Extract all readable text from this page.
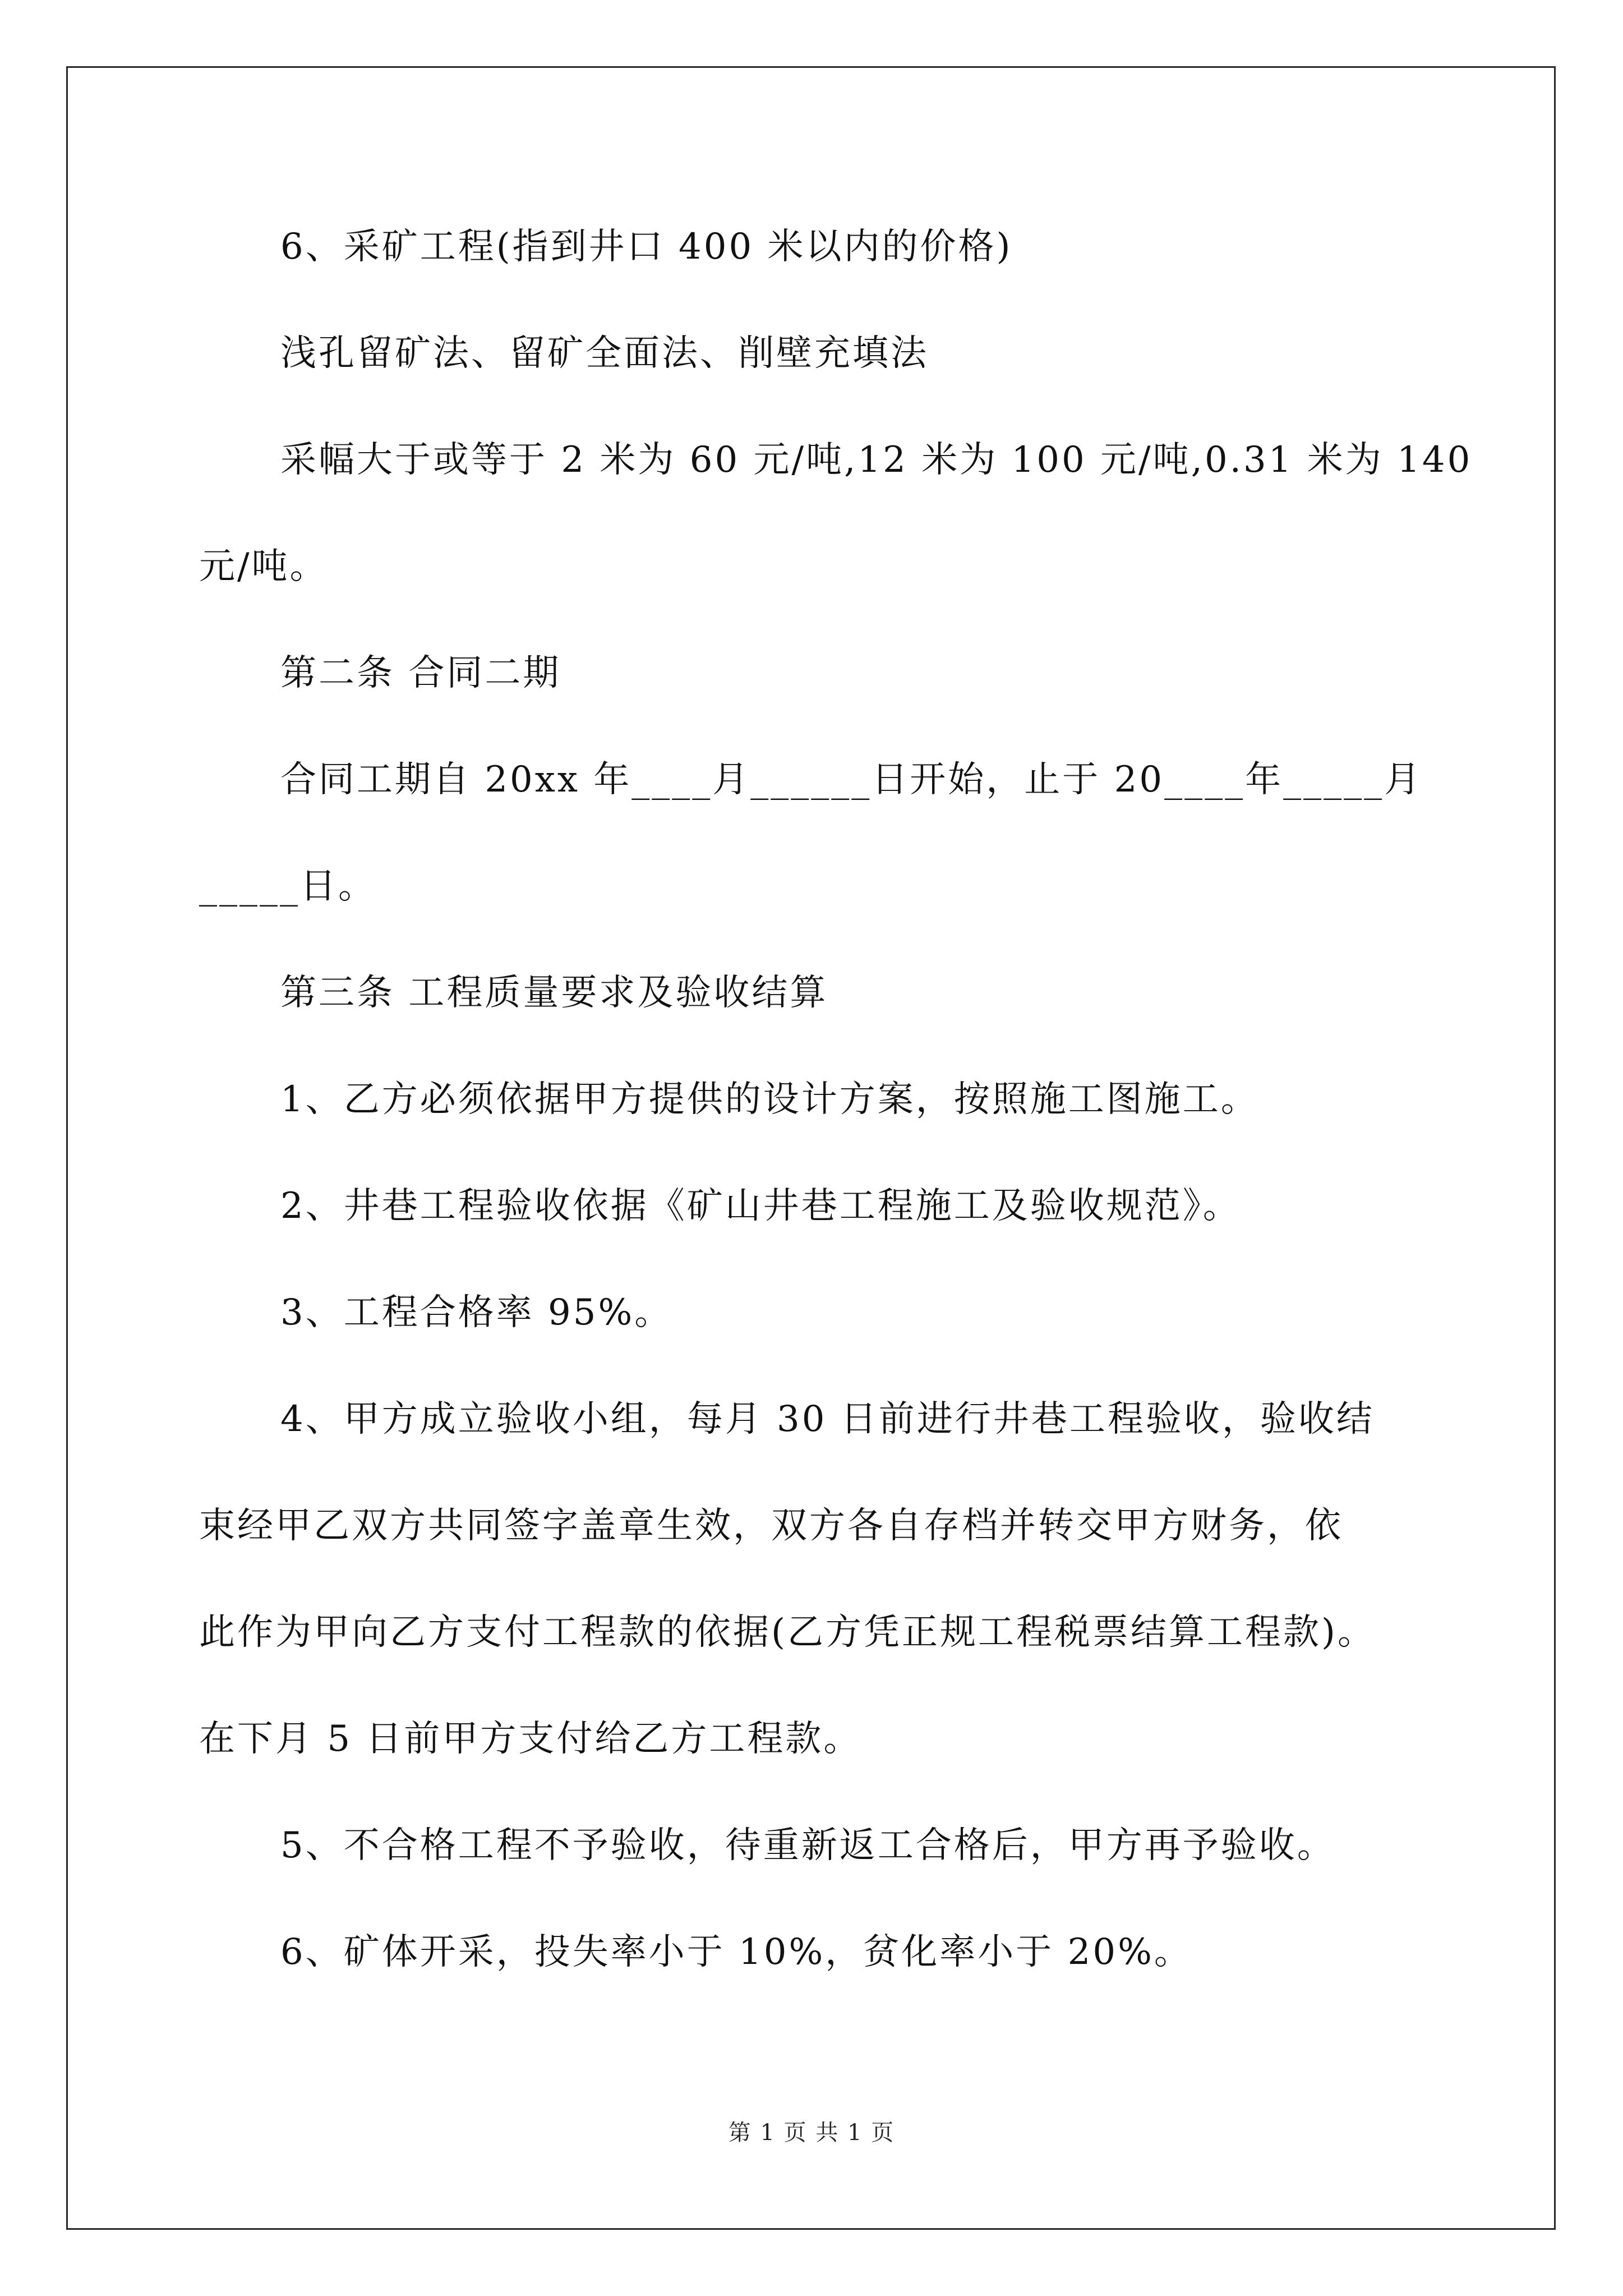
6、采矿工程(指到井口 400 米以内的价格)
浅孔留矿法、留矿全面法、削壁充填法
采幅大于或等于 2 米为 60 元/吨,12 米为 100 元/吨,0.31 米为 140
元/吨。
第二条 合同二期
合同工期自 20xx 年____月______日开始，止于 20____年_____月
_____日。
第三条 工程质量要求及验收结算
1、乙方必须依据甲方提供的设计方案，按照施工图施工。
2、井巷工程验收依据《矿山井巷工程施工及验收规范》。
3、工程合格率 95%。
4、甲方成立验收小组，每月 30 日前进行井巷工程验收，验收结
束经甲乙双方共同签字盖章生效，双方各自存档并转交甲方财务，依
此作为甲向乙方支付工程款的依据(乙方凭正规工程税票结算工程款)。
在下月 5 日前甲方支付给乙方工程款。
5、不合格工程不予验收，待重新返工合格后，甲方再予验收。
6、矿体开采，投失率小于 10%，贫化率小于 20%。
第 1 页 共 1 页
